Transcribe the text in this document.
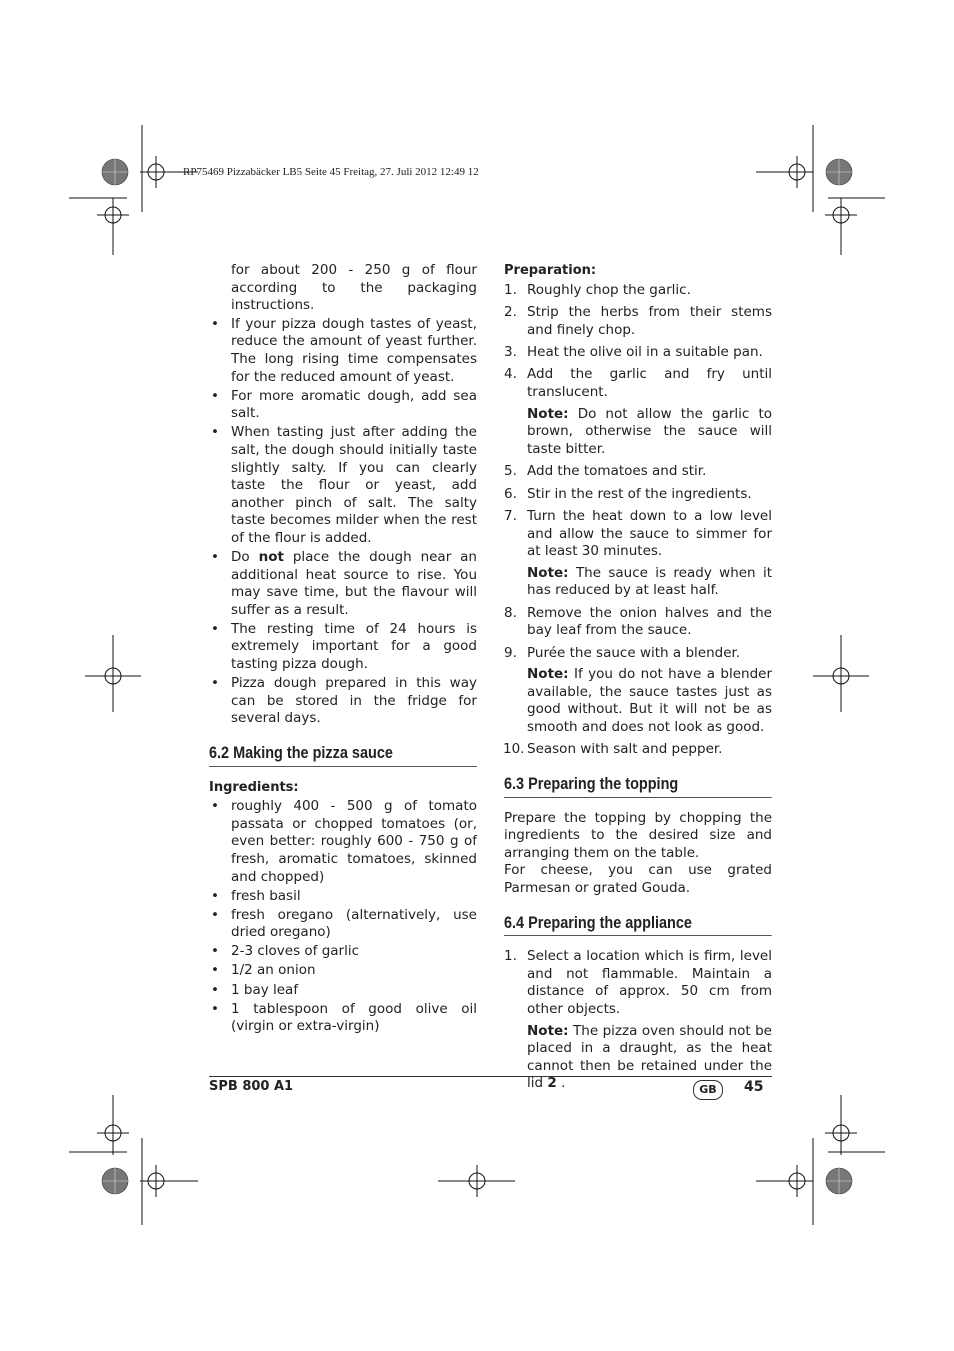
RP75469 Pizzabäcker LB5 Seite 45 Freitag, 27. Juli 2012 12:49 12

for about 200 - 250 g of flour according to the packaging instructions.

• If your pizza dough tastes of yeast, reduce the amount of yeast further. The long rising time compensates for the reduced amount of yeast.
• For more aromatic dough, add sea salt.
• When tasting just after adding the salt, the dough should initially taste slightly salty. If you can clearly taste the flour or yeast, add another pinch of salt. The salty taste becomes milder when the rest of the flour is added.
• Do not place the dough near an additional heat source to rise. You may save time, but the flavour will suffer as a result.
• The resting time of 24 hours is extremely important for a good tasting pizza dough.
• Pizza dough prepared in this way can be stored in the fridge for several days.
6.2 Making the pizza sauce

Ingredients:

• roughly 400 - 500 g of tomato passata or chopped tomatoes (or, even better: roughly 600 - 750 g of fresh, aromatic tomatoes, skinned and chopped)
• fresh basil
• fresh oregano (alternatively, use dried oregano)
• 2-3 cloves of garlic
• 1/2 an onion
• 1 bay leaf
• 1 tablespoon of good olive oil (virgin or extra-virgin)

Preparation:

1. Roughly chop the garlic.
2. Strip the herbs from their stems and finely chop.
3. Heat the olive oil in a suitable pan.
4. Add the garlic and fry until translucent.

Note: Do not allow the garlic to brown, otherwise the sauce will taste bitter.

5. Add the tomatoes and stir.
6. Stir in the rest of the ingredients.
7. Turn the heat down to a low level and allow the sauce to simmer for at least 30 minutes.

Note: The sauce is ready when it has reduced by at least half.

8. Remove the onion halves and the bay leaf from the sauce.
9. Purée the sauce with a blender.

Note: If you do not have a blender available, the sauce tastes just as good without. But it will not be as smooth and does not look as good.

10. Season with salt and pepper.
6.3 Preparing the topping

Prepare the topping by chopping the ingredients to the desired size and arranging them on the table.

For cheese, you can use grated Parmesan or grated Gouda.

6.4 Preparing the appliance
1. Select a location which is firm, level and not flammable. Maintain a distance of approx. 50 cm from other objects.

Note: The pizza oven should not be placed in a draught, as the heat cannot then be retained under the lid 2 .

SPB 800 A1	GB	45
